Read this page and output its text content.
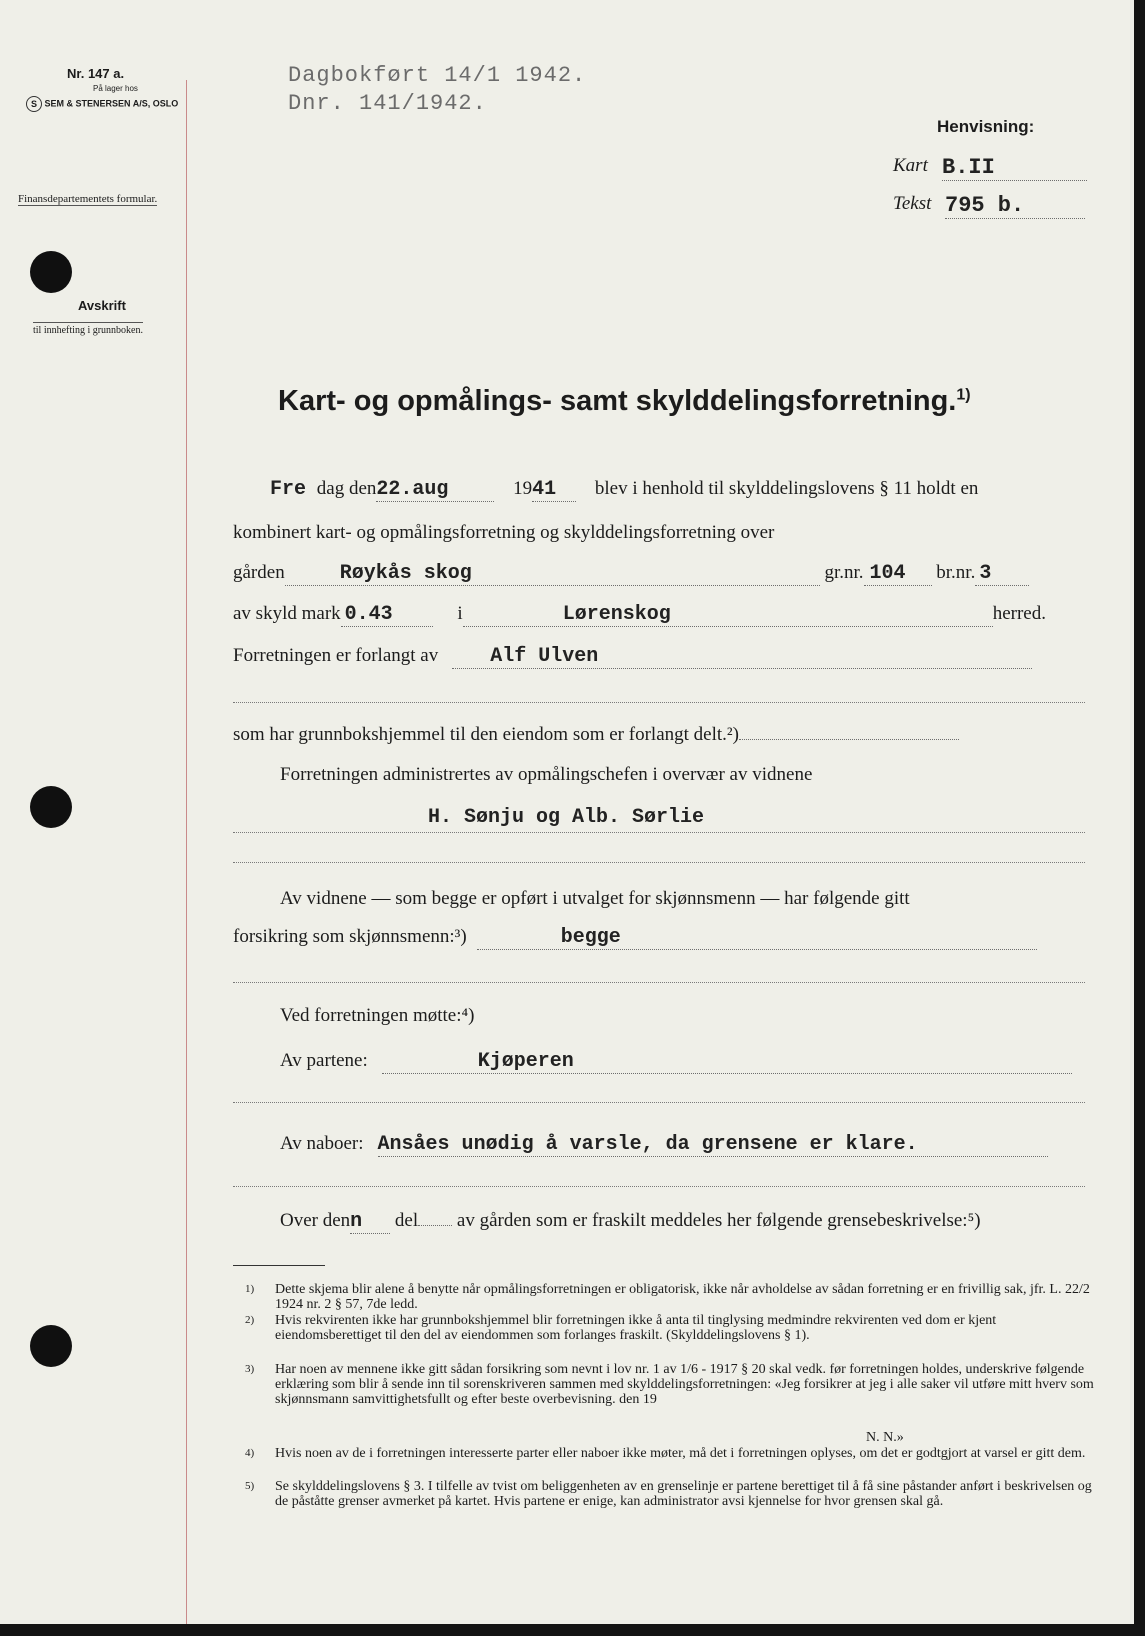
Nr. 147 a.
På lager hos
S SEM & STENERSEN A/S, OSLO
Finansdepartementets formular.
Avskrift
til innhefting i grunnboken.
Dagbokført 14/1 1942.
Dnr. 141/1942.
Henvisning:
Kart B.II
Tekst 795 b.
Kart- og opmålings- samt skylddelingsforretning.$^{1)}$
Fre dag den22.aug	1941 blev i henhold til skylddelingslovens § 11 holdt en
kombinert kart- og opmålingsforretning og skylddelingsforretning over
gården	Røykås skog	gr.nr. 104 br.nr. 3
av skyld mark 0.43	i	Lørenskog	herred.
Forretningen er forlangt av	Alf Ulven
som har grunnbokshjemmel til den eiendom som er forlangt delt.²)
Forretningen administrertes av opmålingschefen i overvær av vidnene
H. Sønju og Alb. Sørlie
Av vidnene — som begge er opført i utvalget for skjønnsmenn — har følgende gitt
forsikring som skjønnsmenn:³)	begge
Ved forretningen møtte:⁴)
Av partene:	Kjøperen
Av naboer: Ansåes unødig å varsle, da grensene er klare.
Over denn del av gården som er fraskilt meddeles her følgende grensebeskrivelse:⁵)
1) Dette skjema blir alene å benytte når opmålingsforretningen er obligatorisk, ikke når avholdelse av sådan forretning er en frivillig sak, jfr. L. 22/2 1924 nr. 2 § 57, 7de ledd.
2) Hvis rekvirenten ikke har grunnbokshjemmel blir forretningen ikke å anta til tinglysing medmindre rekvirenten ved dom er kjent eiendomsberettiget til den del av eiendommen som forlanges fraskilt. (Skylddelingslovens § 1).
3) Har noen av mennene ikke gitt sådan forsikring som nevnt i lov nr. 1 av 1/6 - 1917 § 20 skal vedk. før forretningen holdes, underskrive følgende erklæring som blir å sende inn til sorenskriveren sammen med skylddelingsforretningen: «Jeg forsikrer at jeg i alle saker vil utføre mitt hverv som skjønnsmann samvittighetsfullt og efter beste overbevisning. den 19
N. N.»
4) Hvis noen av de i forretningen interesserte parter eller naboer ikke møter, må det i forretningen oplyses, om det er godtgjort at varsel er gitt dem.
5) Se skylddelingslovens § 3. I tilfelle av tvist om beliggenheten av en grenselinje er partene berettiget til å få sine påstander anført i beskrivelsen og de påståtte grenser avmerket på kartet. Hvis partene er enige, kan administrator avsi kjennelse for hvor grensen skal gå.
